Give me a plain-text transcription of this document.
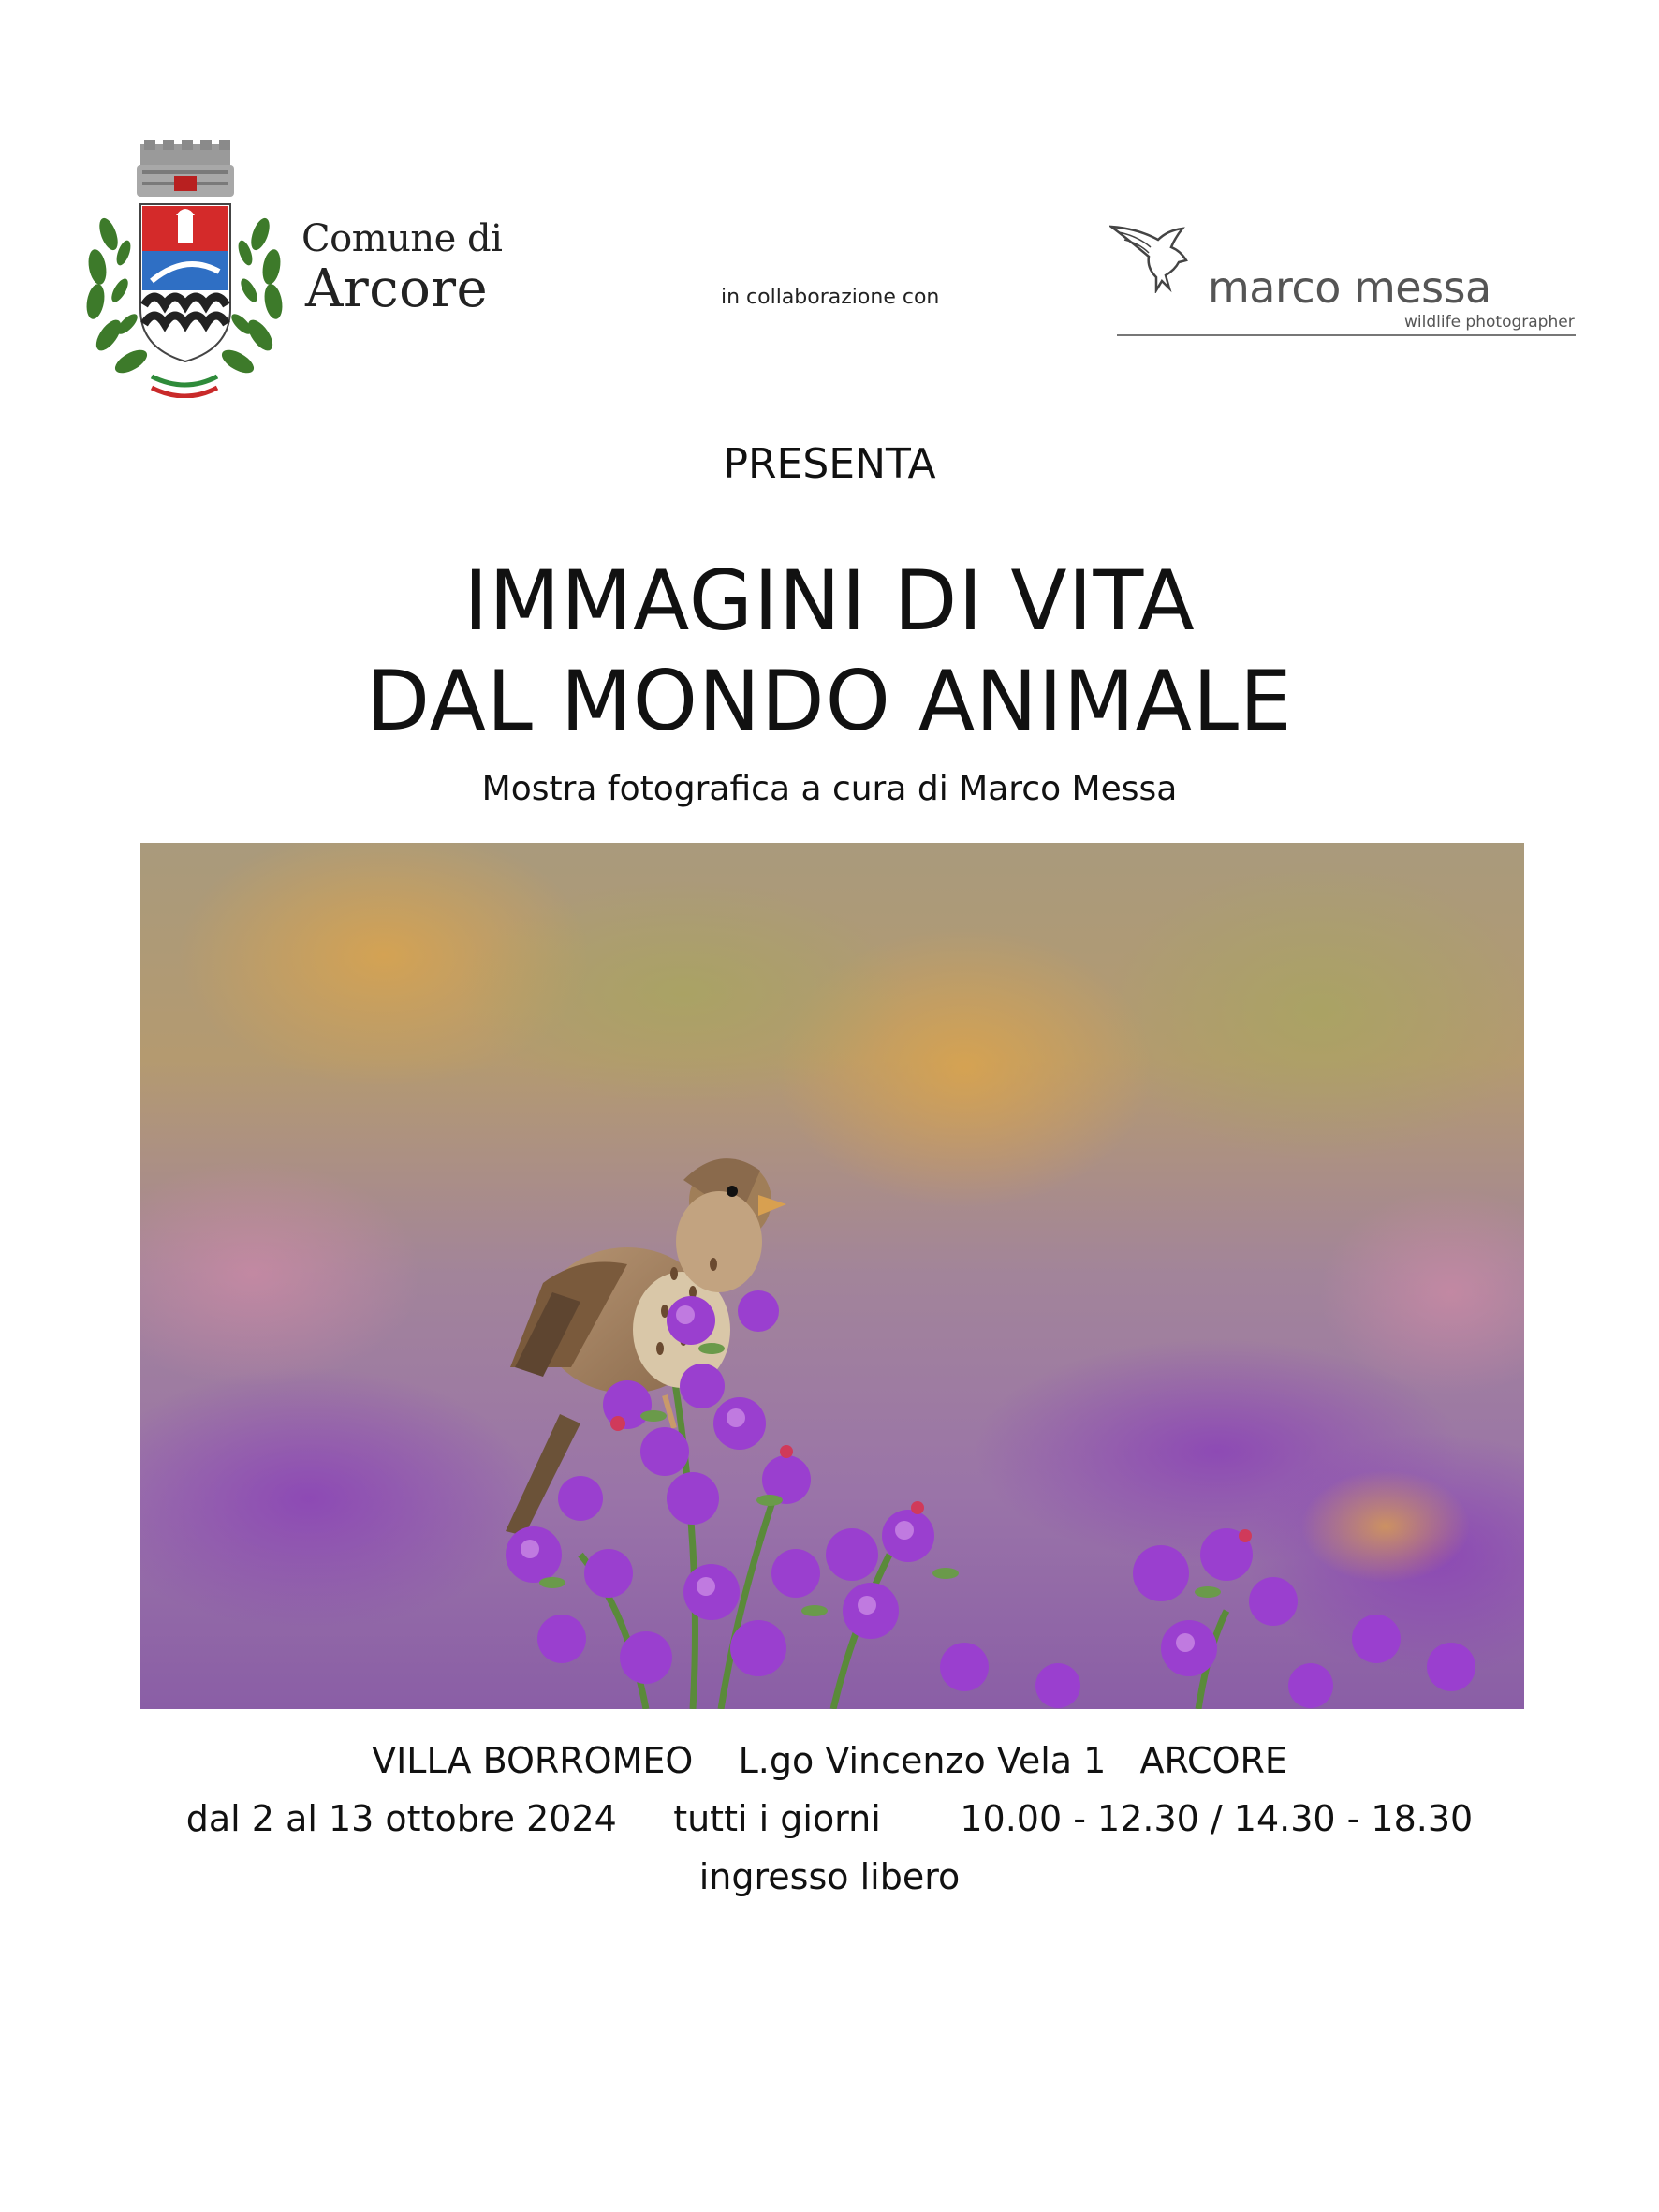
Comune di
Arcore	in collaborazione con	marco messa
wildlife photographer
PRESENTA
IMMAGINI DI VITA
DAL MONDO ANIMALE
Mostra fotografica a cura di Marco Messa
VILLA BORROMEO L.go Vincenzo Vela 1 ARCORE
dal 2 al 13 ottobre 2024 tutti i giorni 10.00 - 12.30 / 14.30 - 18.30
ingresso libero
